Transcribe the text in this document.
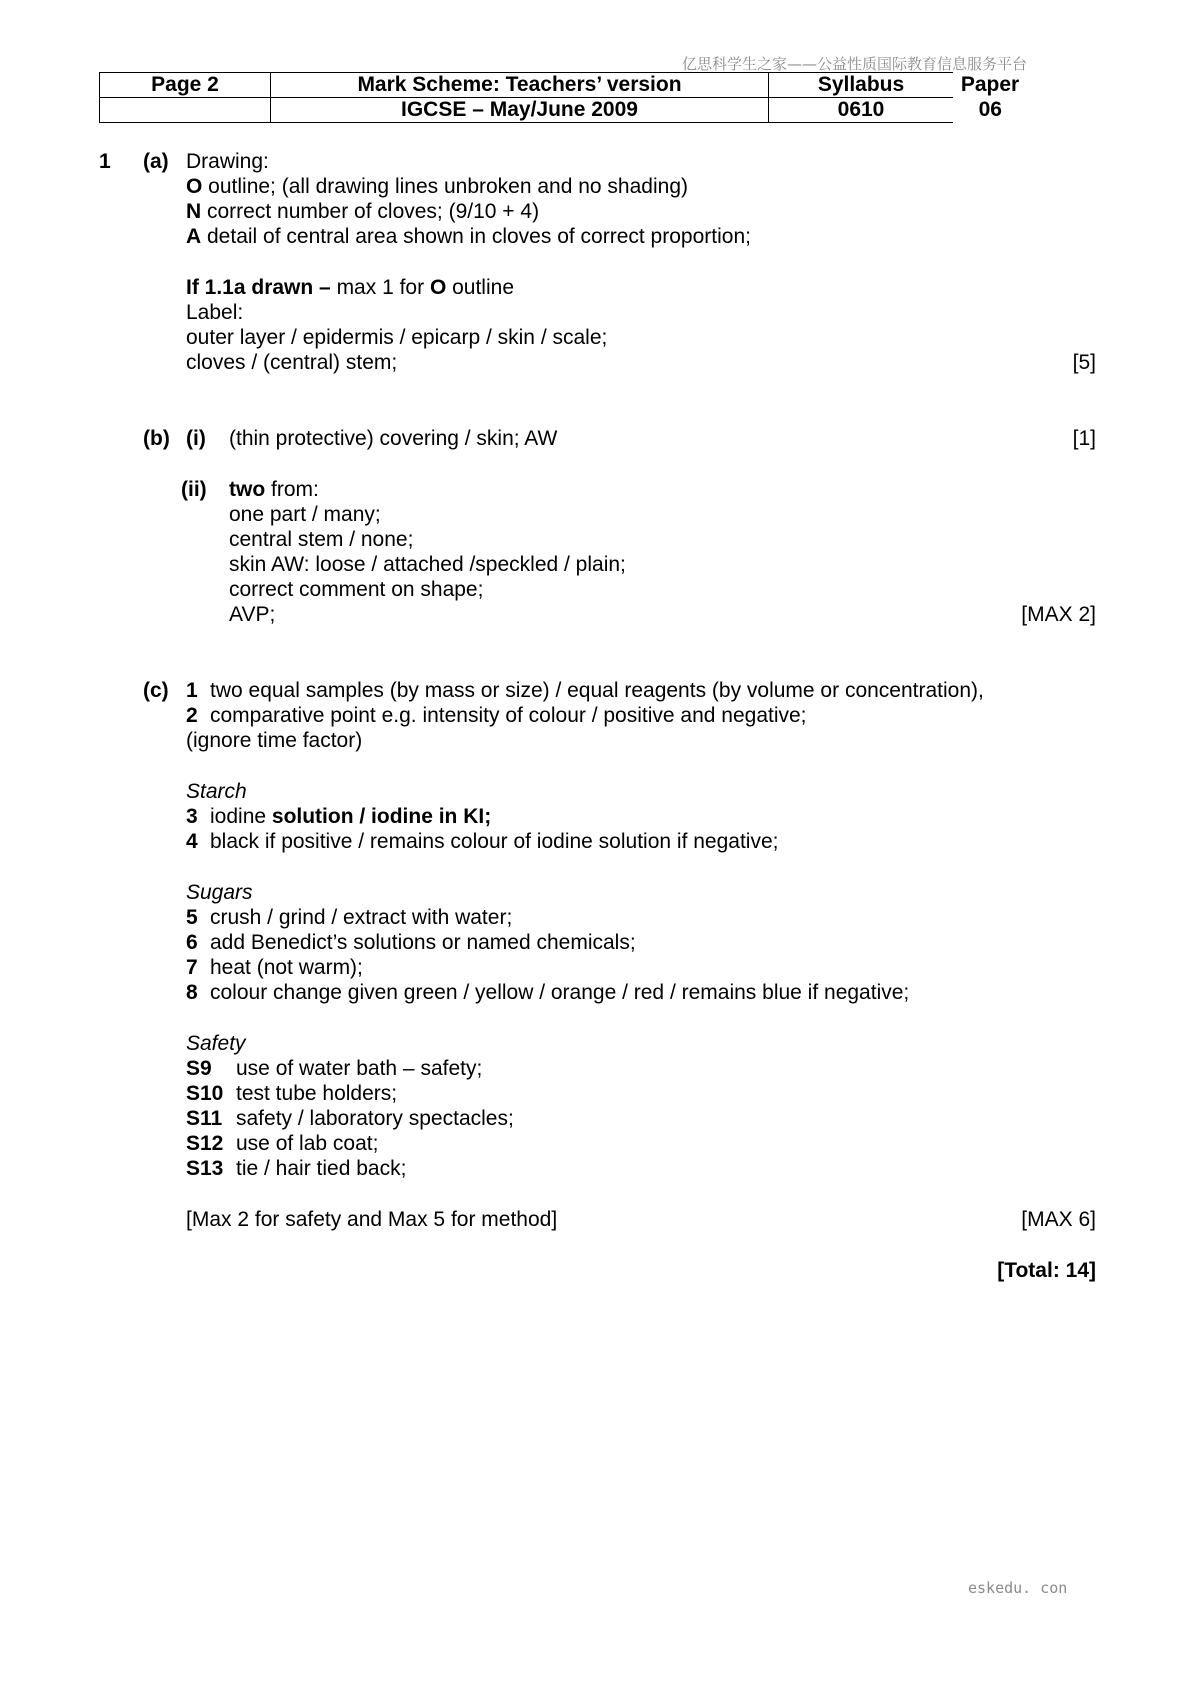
亿思科学生之家——公益性质国际教育信息服务平台
Page 2	Mark Scheme: Teachers’ version	Syllabus	Paper
	IGCSE – May/June 2009	0610	06
1 (a) Drawing:
O outline; (all drawing lines unbroken and no shading)
N correct number of cloves; (9/10 + 4)
A detail of central area shown in cloves of correct proportion;
If 1.1a drawn – max 1 for O outline
Label:
outer layer / epidermis / epicarp / skin / scale;
cloves / (central) stem;	[5]
(b) (i) (thin protective) covering / skin; AW	[1]
(ii) two from:
one part / many;
central stem / none;
skin AW: loose / attached /speckled / plain;
correct comment on shape;
AVP;	[MAX 2]
(c) 1 two equal samples (by mass or size) / equal reagents (by volume or concentration),
2 comparative point e.g. intensity of colour / positive and negative;
(ignore time factor)
Starch
3 iodine solution / iodine in KI;
4 black if positive / remains colour of iodine solution if negative;
Sugars
5 crush / grind / extract with water;
6 add Benedict’s solutions or named chemicals;
7 heat (not warm);
8 colour change given green / yellow / orange / red / remains blue if negative;
Safety
S9 use of water bath – safety;
S10 test tube holders;
S11 safety / laboratory spectacles;
S12 use of lab coat;
S13 tie / hair tied back;
[Max 2 for safety and Max 5 for method]	[MAX 6]
[Total: 14]
eskedu. con
